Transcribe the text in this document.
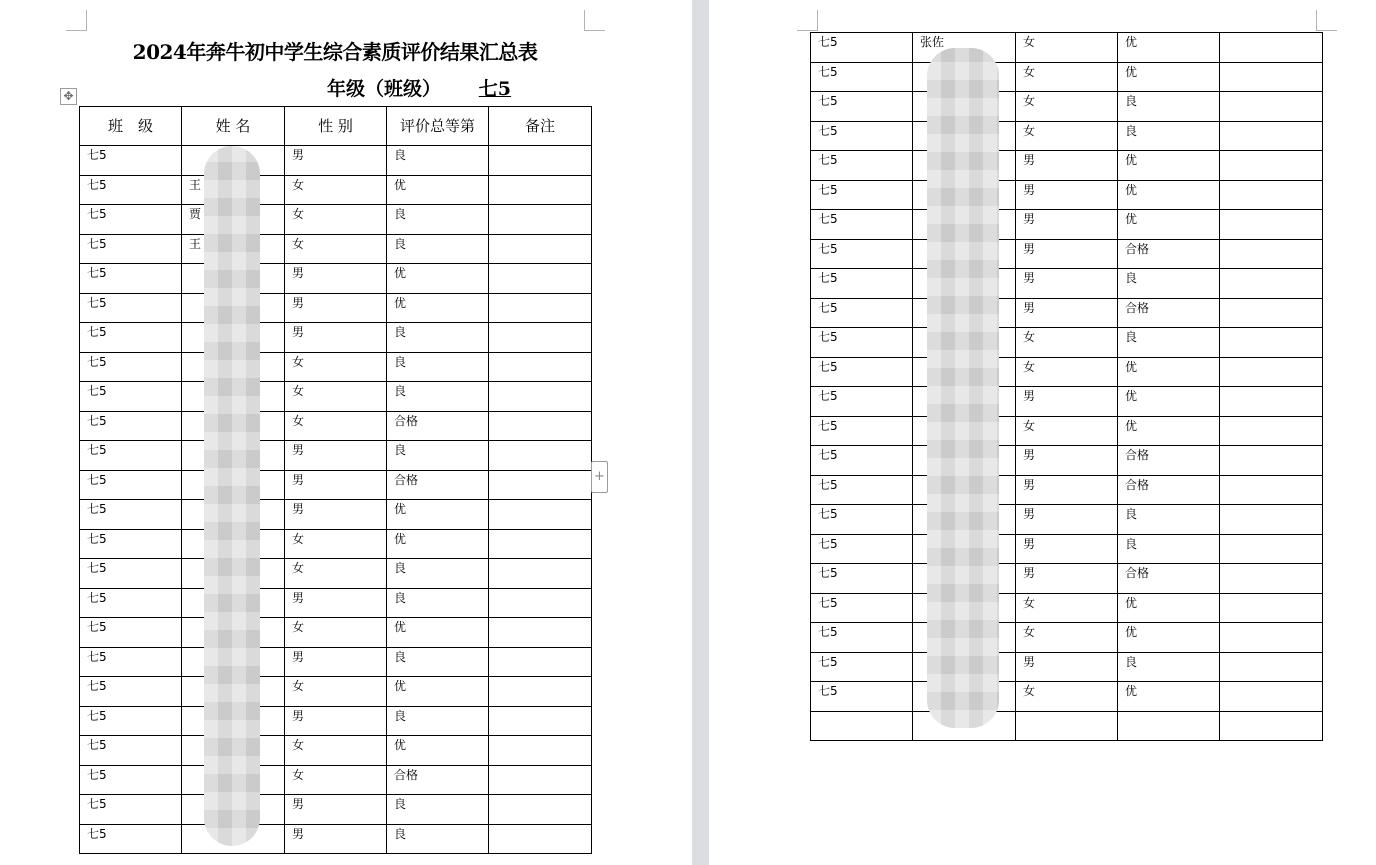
2024年奔牛初中学生综合素质评价结果汇总表
年级（班级） 七5
✥
班　级	姓 名	性 别	评价总等第	备注

七5		男	良	

七5	王	女	优	

七5	贾	女	良	

七5	王	女	良	

七5		男	优	

七5		男	优	

七5		男	良	

七5		女	良	

七5		女	良	

七5		女	合格	

七5		男	良	

七5		男	合格	

七5		男	优	

七5		女	优	

七5		女	良	

七5		男	良	

七5		女	优	

七5		男	良	

七5		女	优	

七5		男	良	

七5		女	优	

七5		女	合格	

七5		男	良	

七5		男	良	

+
七5	张佐	女	优	

七5		女	优	

七5		女	良	

七5		女	良	

七5		男	优	

七5		男	优	

七5		男	优	

七5		男	合格	

七5		男	良	

七5		男	合格	

七5		女	良	

七5		女	优	

七5		男	优	

七5		女	优	

七5		男	合格	

七5		男	合格	

七5		男	良	

七5		男	良	

七5		男	合格	

七5		女	优	

七5		女	优	

七5		男	良	

七5		女	优	
